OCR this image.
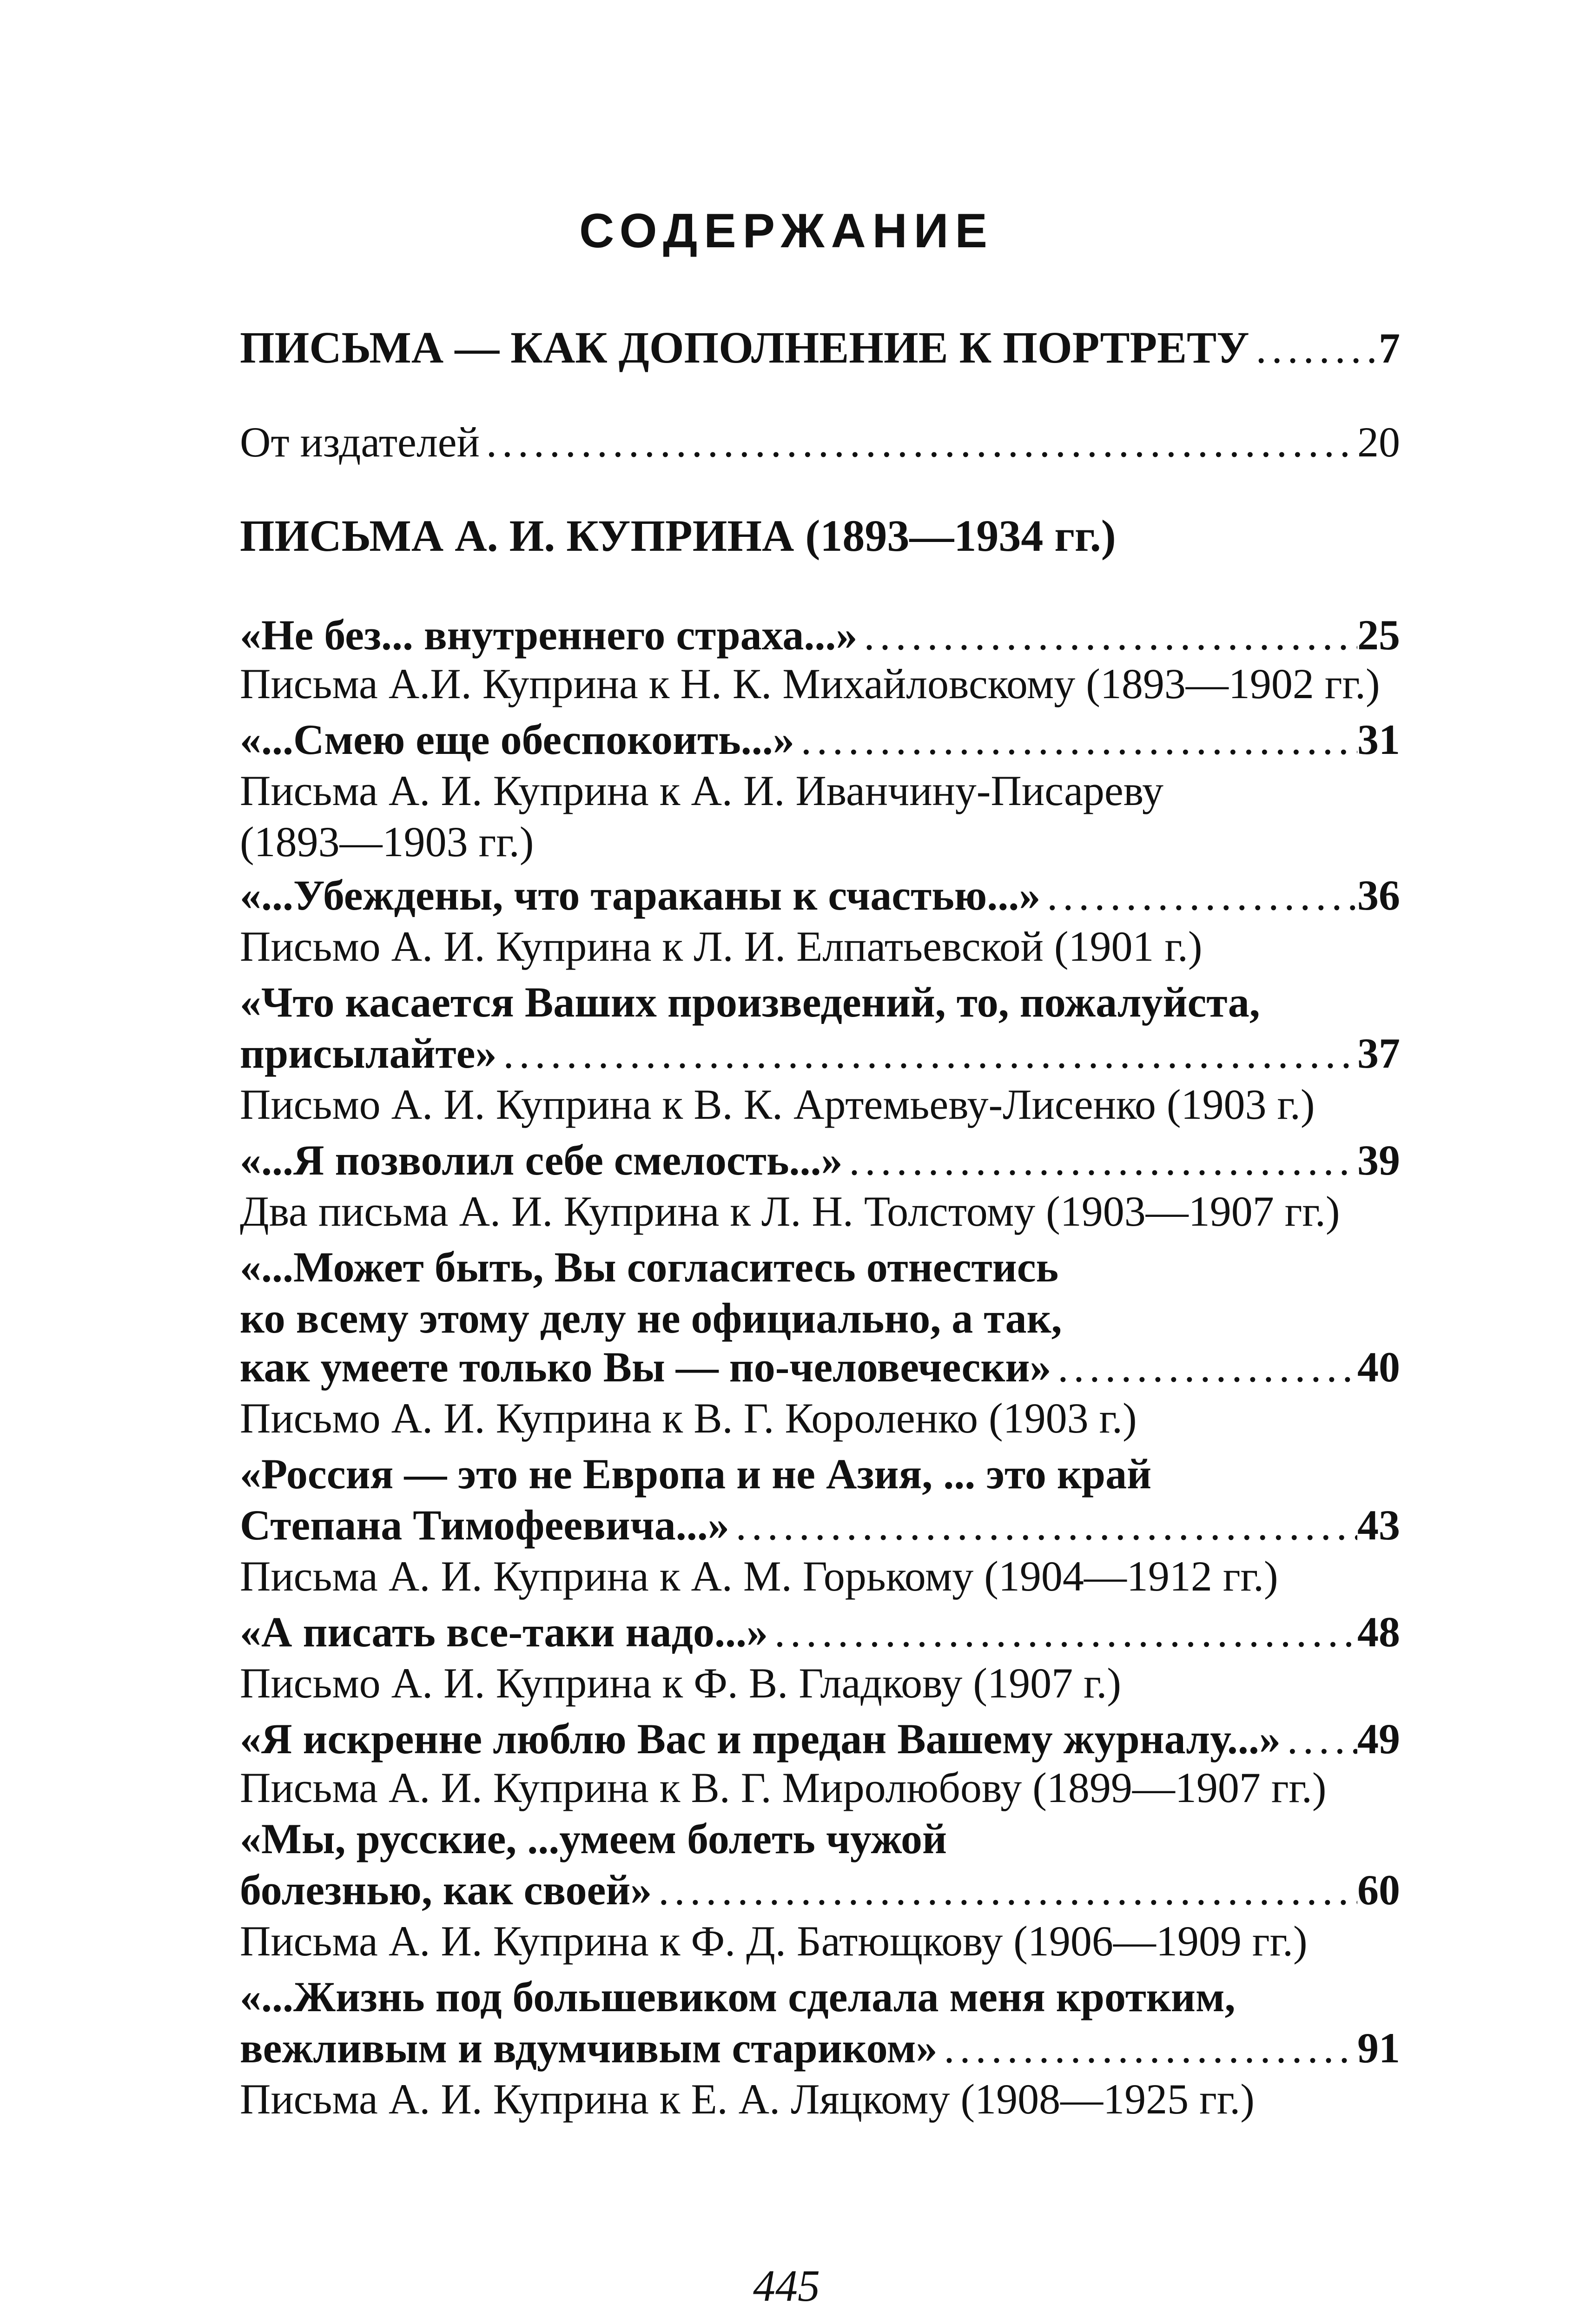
СОДЕРЖАНИЕ
ПИСЬМА — КАК ДОПОЛНЕНИЕ К ПОРТРЕТУ . . .	7
От издателей . . .	20
ПИСЬМА А. И. КУПРИНА (1893—1934 гг.)
«Не без... внутреннего страха...» . . .	25
Письма А.И. Куприна к Н. К. Михайловскому (1893—1902 гг.)
«...Смею еще обеспокоить...» . . .	31
Письма А. И. Куприна к А. И. Иванчину-Писареву
(1893—1903 гг.)
«...Убеждены, что тараканы к счастью...» . . .	36
Письмо А. И. Куприна к Л. И. Елпатьевской (1901 г.)
«Что касается Ваших произведений, то, пожалуйста,
присылайте» . . .	37
Письмо А. И. Куприна к В. К. Артемьеву-Лисенко (1903 г.)
«...Я позволил себе смелость...» . . .	39
Два письма А. И. Куприна к Л. Н. Толстому (1903—1907 гг.)
«...Может быть, Вы согласитесь отнестись
ко всему этому делу не официально, а так,
как умеете только Вы — по-человечески» . . .	40
Письмо А. И. Куприна к В. Г. Короленко (1903 г.)
«Россия — это не Европа и не Азия, ... это край
Степана Тимофеевича...» . . .	43
Письма А. И. Куприна к А. М. Горькому (1904—1912 гг.)
«А писать все-таки надо...» . . .	48
Письмо А. И. Куприна к Ф. В. Гладкову (1907 г.)
«Я искренне люблю Вас и предан Вашему журналу...» . . . 49
Письма А. И. Куприна к В. Г. Миролюбову (1899—1907 гг.)
«Мы, русские, ...умеем болеть чужой
болезнью, как своей» . . .	60
Письма А. И. Куприна к Ф. Д. Батющкову (1906—1909 гг.)
«...Жизнь под большевиком сделала меня кротким,
вежливым и вдумчивым стариком» . . .	91
Письма А. И. Куприна к Е. А. Ляцкому (1908—1925 гг.)
445
